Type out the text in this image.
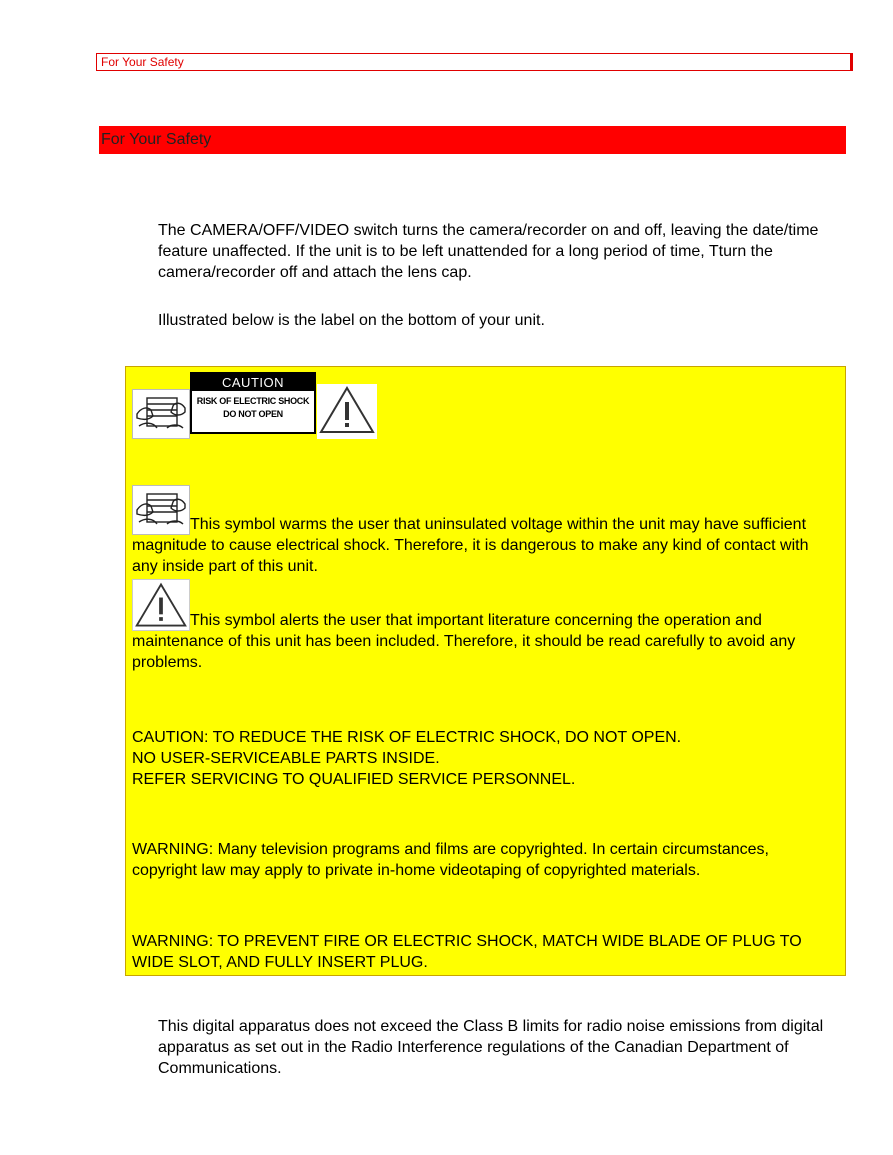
For Your Safety
For Your Safety

The CAMERA/OFF/VIDEO switch turns the camera/recorder on and off, leaving the date/time feature unaffected. If the unit is to be left unattended for a long period of time, Tturn the camera/recorder off and attach the lens cap.

Illustrated below is the label on the bottom of your unit.

CAUTION
RISK OF ELECTRIC SHOCK
DO NOT OPEN

This symbol warms the user that uninsulated voltage within the unit may have sufficient magnitude to cause electrical shock. Therefore, it is dangerous to make any kind of contact with any inside part of this unit.

This symbol alerts the user that important literature concerning the operation and maintenance of this unit has been included. Therefore, it should be read carefully to avoid any problems.

CAUTION: TO REDUCE THE RISK OF ELECTRIC SHOCK, DO NOT OPEN.
NO USER-SERVICEABLE PARTS INSIDE.
REFER SERVICING TO QUALIFIED SERVICE PERSONNEL.

WARNING: Many television programs and films are copyrighted. In certain circumstances, copyright law may apply to private in-home videotaping of copyrighted materials.

WARNING: TO PREVENT FIRE OR ELECTRIC SHOCK, MATCH WIDE BLADE OF PLUG TO WIDE SLOT, AND FULLY INSERT PLUG.

This digital apparatus does not exceed the Class B limits for radio noise emissions from digital apparatus as set out in the Radio Interference regulations of the Canadian Department of Communications.
